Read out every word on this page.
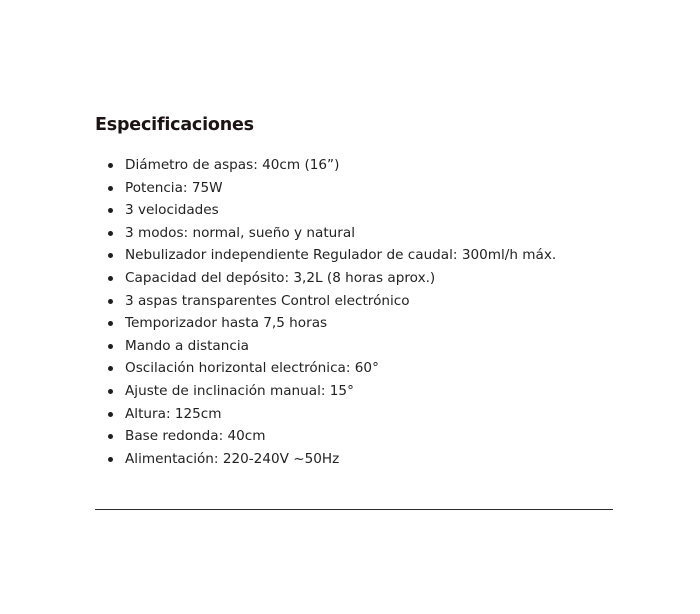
Especificaciones
Diámetro de aspas: 40cm (16”)
Potencia: 75W
3 velocidades
3 modos: normal, sueño y natural
Nebulizador independiente Regulador de caudal: 300ml/h máx.
Capacidad del depósito: 3,2L (8 horas aprox.)
3 aspas transparentes Control electrónico
Temporizador hasta 7,5 horas
Mando a distancia
Oscilación horizontal electrónica: 60°
Ajuste de inclinación manual: 15°
Altura: 125cm
Base redonda: 40cm
Alimentación: 220-240V ~50Hz
